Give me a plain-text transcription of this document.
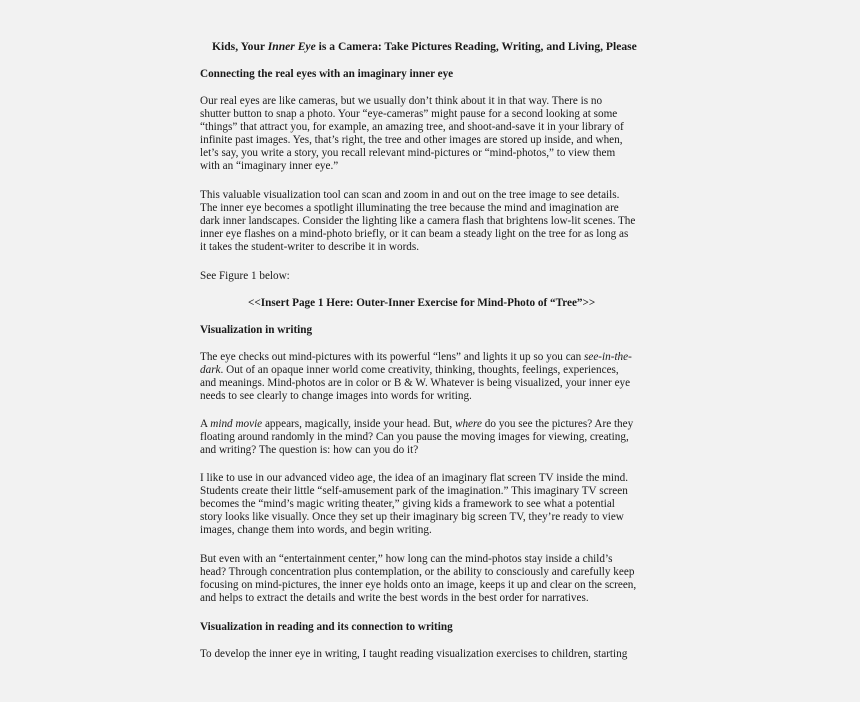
Kids, Your Inner Eye is a Camera: Take Pictures Reading, Writing, and Living, Please
Connecting the real eyes with an imaginary inner eye
Our real eyes are like cameras, but we usually don’t think about it in that way. There is no
shutter button to snap a photo. Your “eye-cameras” might pause for a second looking at some
“things” that attract you, for example, an amazing tree, and shoot-and-save it in your library of
infinite past images. Yes, that’s right, the tree and other images are stored up inside, and when,
let’s say, you write a story, you recall relevant mind-pictures or “mind-photos,” to view them
with an “imaginary inner eye.”
This valuable visualization tool can scan and zoom in and out on the tree image to see details.
The inner eye becomes a spotlight illuminating the tree because the mind and imagination are
dark inner landscapes. Consider the lighting like a camera flash that brightens low-lit scenes. The
inner eye flashes on a mind-photo briefly, or it can beam a steady light on the tree for as long as
it takes the student-writer to describe it in words.
See Figure 1 below:
<<Insert Page 1 Here: Outer-Inner Exercise for Mind-Photo of “Tree”>>
Visualization in writing
The eye checks out mind-pictures with its powerful “lens” and lights it up so you can see-in-the-
dark. Out of an opaque inner world come creativity, thinking, thoughts, feelings, experiences,
and meanings. Mind-photos are in color or B & W. Whatever is being visualized, your inner eye
needs to see clearly to change images into words for writing.
A mind movie appears, magically, inside your head. But, where do you see the pictures? Are they
floating around randomly in the mind? Can you pause the moving images for viewing, creating,
and writing? The question is: how can you do it?
I like to use in our advanced video age, the idea of an imaginary flat screen TV inside the mind.
Students create their little “self-amusement park of the imagination.” This imaginary TV screen
becomes the “mind’s magic writing theater,” giving kids a framework to see what a potential
story looks like visually. Once they set up their imaginary big screen TV, they’re ready to view
images, change them into words, and begin writing.
But even with an “entertainment center,” how long can the mind-photos stay inside a child’s
head? Through concentration plus contemplation, or the ability to consciously and carefully keep
focusing on mind-pictures, the inner eye holds onto an image, keeps it up and clear on the screen,
and helps to extract the details and write the best words in the best order for narratives.
Visualization in reading and its connection to writing
To develop the inner eye in writing, I taught reading visualization exercises to children, starting
